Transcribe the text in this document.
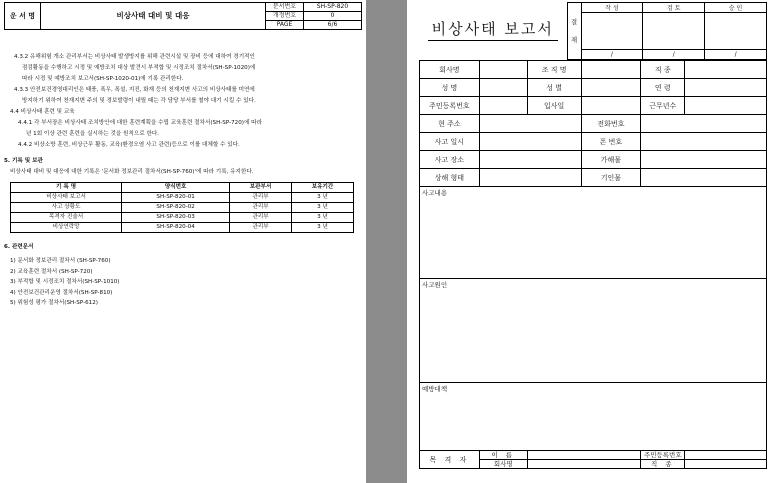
운 서 명	비상사태 대비 및 대응	문서번호	SH-SP-820
		개정번호	0
		PAGE	6/6
4.3.2 유해위험 개소 관리부서는 비상사태 발생방지를 위해 관련시설 및 장비 등에 대하여 경기적인
점검활동을 수행하고 시정 및 예방조치 대상 발견시 부적합 및 시정조치 절차서(SH-SP-1020)에
따라 시정 및 예방조치 보고서(SH-SP-1020-01)에 기록 관리한다.
4.3.3 안전보건경영대리인은 태풍, 폭우, 폭설, 지진, 화재 등의 천재지변 사고의 비상사태를 미연에
방지하기 위하여 천재지변 주의 및 경보발령이 내릴 때는 각 담당 부서를 철야 대기 시킬 수 있다.
4.4 비상사태 훈련 및 교육
4.4.1 각 부서장은 비상사태 조치방안에 대한 훈련계획을 수립 교육훈련 절차서(SH-SP-720)에 따라
년 1회 이상 관련 훈련을 실시하는 것을 원칙으로 한다.
4.4.2 비상소방 훈련, 비상근무 활동, 교육(환경오염 사고 관련)등으로 이를 대체할 수 있다.
5. 기록 및 보관
비상사태 대비 및 대응에 대한 기록은 '문서화 정보관리 절차서(SH-SP-760)'에 따라 기록, 유지한다.
기 록 명	양식번호	보관부서	보유기간
비상사태 보고서	SH-SP-820-01	관리부	3 년
사고 상황도	SH-SP-820-02	관리부	3 년
목격자 진술서	SH-SP-820-03	관리부	3 년
비상연락망	SH-SP-820-04	관리부	3 년
6. 관련문서
1) 문서화 정보관리 절차서 (SH-SP-760)
2) 교육훈련 절차서 (SH-SP-720)
3) 부적합 및 시정조치 절차서(SH-SP-1010)
4) 안전보건관리운영 절차서(SH-SP-810)
5) 위험성 평가 절차서(SH-SP-612)
비상사태 보고서	결
재	작 성	검 토	승 인

		/	/	/
회사명		조 직 명		직 종	
성 명		성 별		연 령	
주민등록번호		입사일		근무년수	
현 주소			전화번호		
사고 일시			폰 번호		
사고 장소			가해물		
상해 형태			기인물		

사고내용					

사고원인					

예방대책					

목 격 자	이 름			주민등록번호	
	회사명			직 종	
